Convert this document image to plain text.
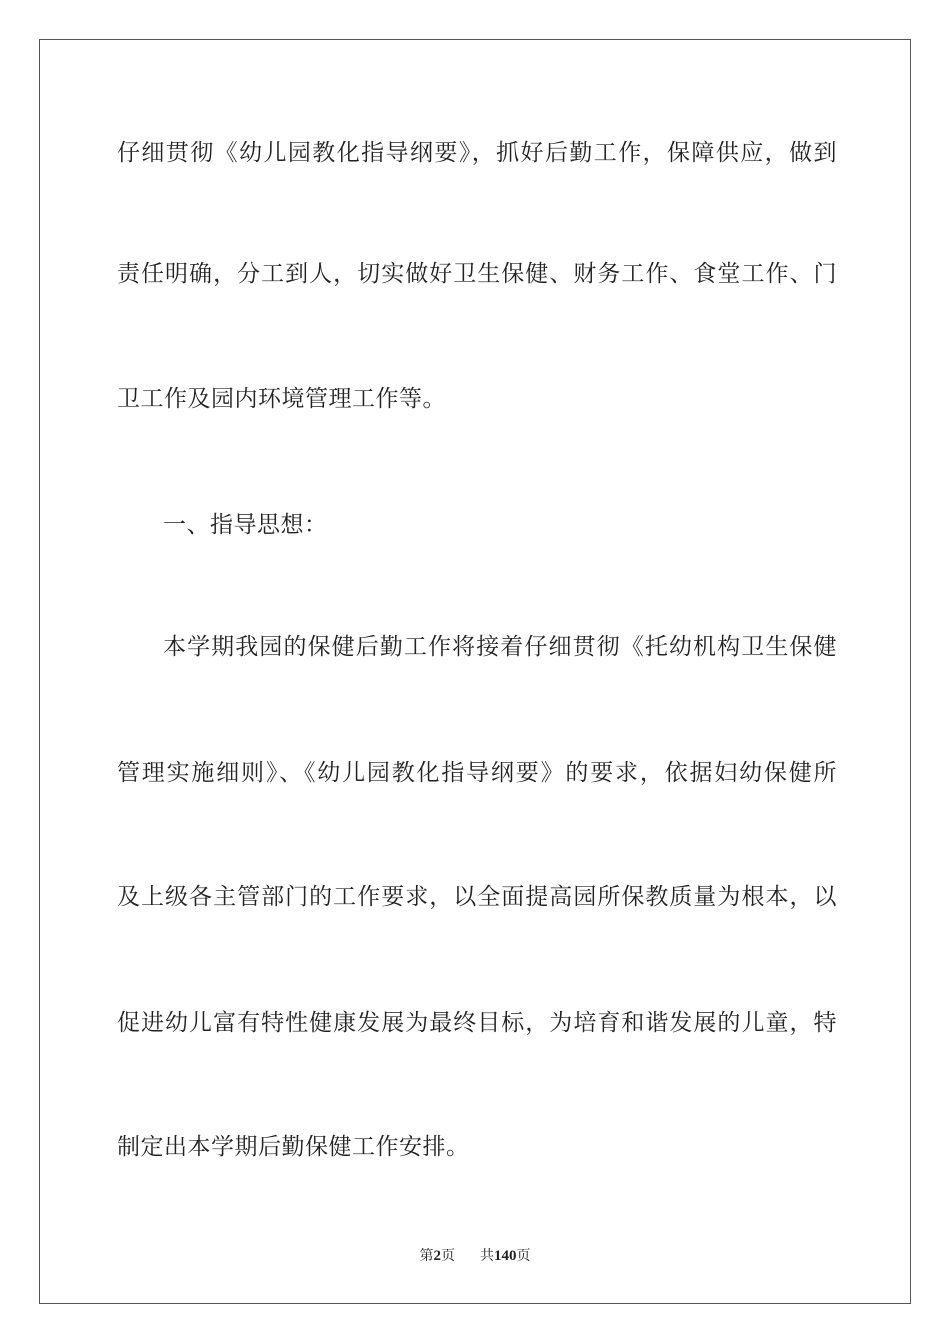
仔细贯彻《幼儿园教化指导纲要》，抓好后勤工作，保障供应，做到
责任明确，分工到人，切实做好卫生保健、财务工作、食堂工作、门
卫工作及园内环境管理工作等。
一、指导思想：
本学期我园的保健后勤工作将接着仔细贯彻《托幼机构卫生保健
管理实施细则》、《幼儿园教化指导纲要》的要求，依据妇幼保健所
及上级各主管部门的工作要求，以全面提高园所保教质量为根本，以
促进幼儿富有特性健康发展为最终目标，为培育和谐发展的儿童，特
制定出本学期后勤保健工作安排。
第2页 共140页
